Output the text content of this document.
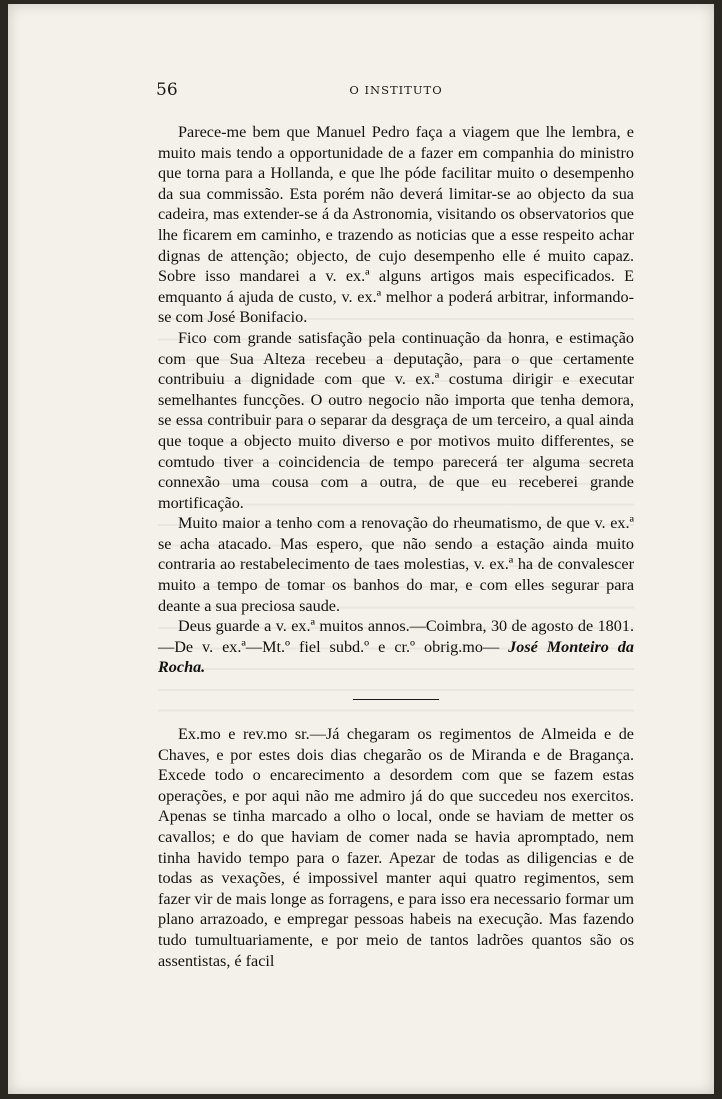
56	O INSTITUTO

Parece-me bem que Manuel Pedro faça a viagem que lhe lembra, e muito mais tendo a opportunidade de a fazer em companhia do ministro que torna para a Hollanda, e que lhe póde facilitar muito o desempenho da sua commissão. Esta porém não deverá limitar-se ao objecto da sua cadeira, mas extender-se á da Astronomia, visitando os observatorios que lhe ficarem em caminho, e trazendo as noticias que a esse respeito achar dignas de attenção; objecto, de cujo desempenho elle é muito capaz. Sobre isso mandarei a v. ex.ª alguns artigos mais especificados. E emquanto á ajuda de custo, v. ex.ª melhor a poderá arbitrar, informando-se com José Bonifacio.

Fico com grande satisfação pela continuação da honra, e estimação com que Sua Alteza recebeu a deputação, para o que certamente contribuiu a dignidade com que v. ex.ª costuma dirigir e executar semelhantes funcções. O outro negocio não importa que tenha demora, se essa contribuir para o separar da desgraça de um terceiro, a qual ainda que toque a objecto muito diverso e por motivos muito differentes, se comtudo tiver a coincidencia de tempo parecerá ter alguma secreta connexão uma cousa com a outra, de que eu receberei grande mortificação.

Muito maior a tenho com a renovação do rheumatismo, de que v. ex.ª se acha atacado. Mas espero, que não sendo a estação ainda muito contraria ao restabelecimento de taes molestias, v. ex.ª ha de convalescer muito a tempo de tomar os banhos do mar, e com elles segurar para deante a sua preciosa saude.

Deus guarde a v. ex.ª muitos annos.—Coimbra, 30 de agosto de 1801.—De v. ex.ª—Mt.º fiel subd.º e cr.º obrig.mo— José Monteiro da Rocha.

Ex.mo e rev.mo sr.—Já chegaram os regimentos de Almeida e de Chaves, e por estes dois dias chegarão os de Miranda e de Bragança. Excede todo o encarecimento a desordem com que se fazem estas operações, e por aqui não me admiro já do que succedeu nos exercitos. Apenas se tinha marcado a olho o local, onde se haviam de metter os cavallos; e do que haviam de comer nada se havia apromptado, nem tinha havido tempo para o fazer. Apezar de todas as diligencias e de todas as vexações, é impossivel manter aqui quatro regimentos, sem fazer vir de mais longe as forragens, e para isso era necessario formar um plano arrazoado, e empregar pessoas habeis na execução. Mas fazendo tudo tumultuariamente, e por meio de tantos ladrões quantos são os assentistas, é facil
